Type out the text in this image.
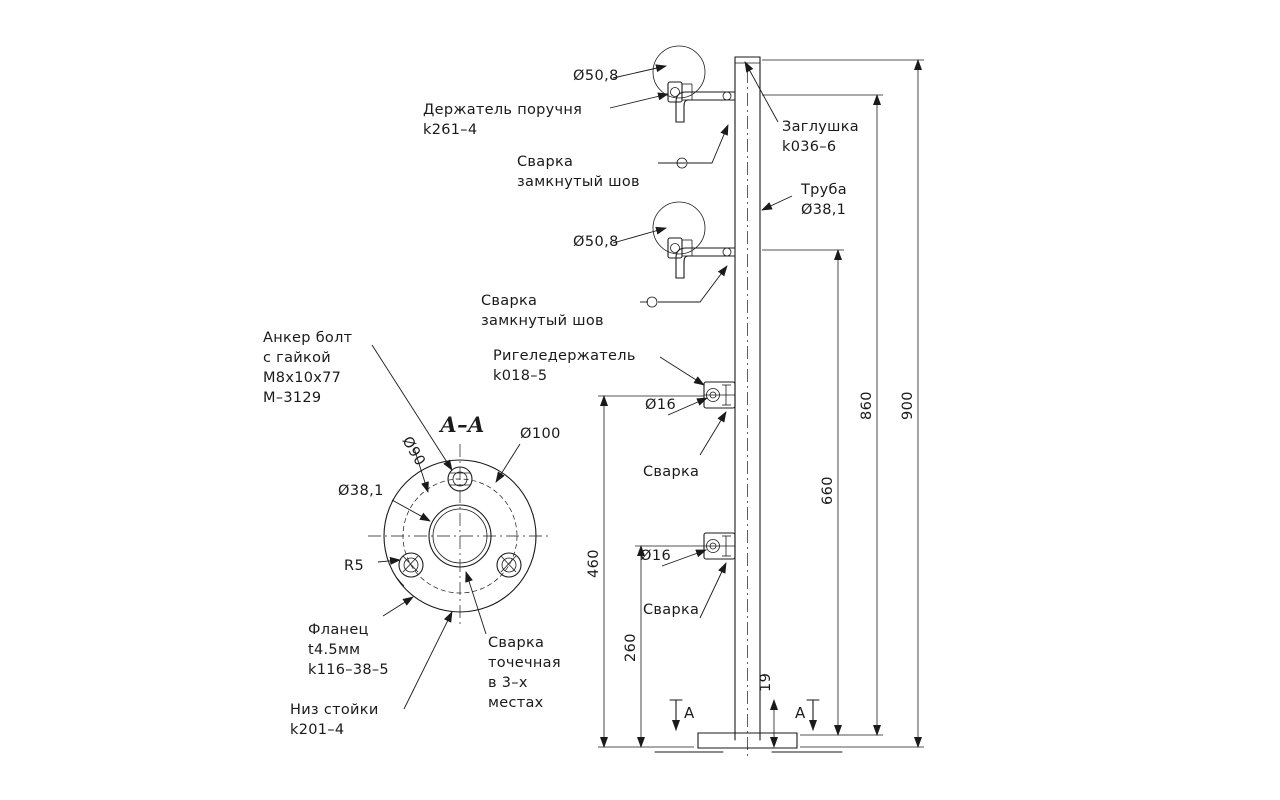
Ø50,8
Ø50,8
Ø16
Ø16
Ø100
Ø38,1
R5
Ø90
А–А
900
860
660
460
260
19
A	A
Держатель поручня
k261–4	Заглушка
k036–6
Сварка
замкнутый шов	Труба
Ø38,1
Сварка
замкнутый шов
Ригеледержатель
k018–5
Сварка
Сварка
Анкер болт
с гайкой
М8х10х77
М–3129
Фланец
t4.5мм
k116–38–5
Низ стойки
k201–4
Сварка
точечная
в 3–х
местах
